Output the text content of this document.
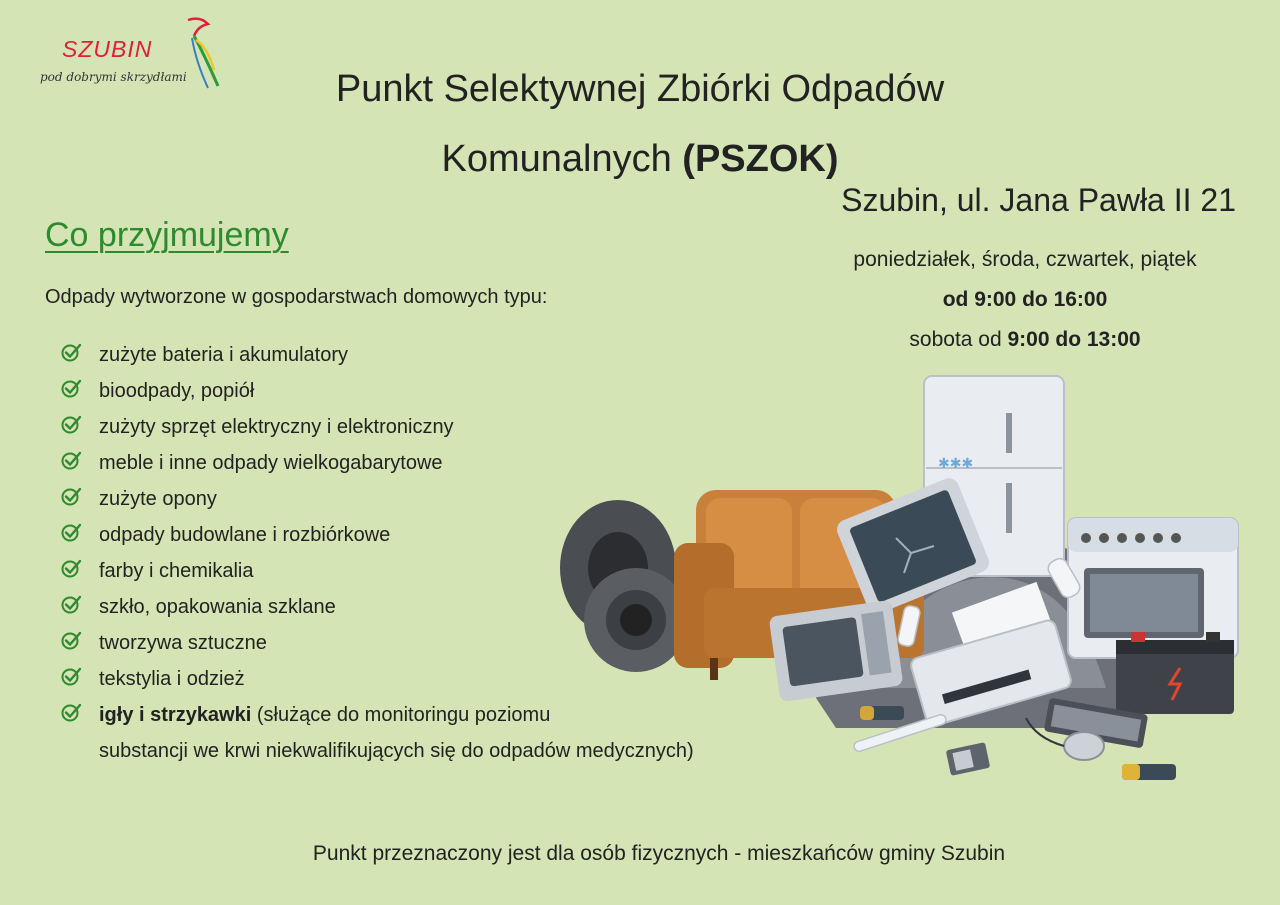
SZUBIN
pod dobrymi skrzydłami	Punkt Selektywnej Zbiórki Odpadów
Komunalnych (PSZOK)
Szubin, ul. Jana Pawła II 21
poniedziałek, środa, czwartek, piątek
od 9:00 do 16:00
sobota od 9:00 do 13:00
Co przyjmujemy
Odpady wytworzone w gospodarstwach domowych typu:
zużyte bateria i akumulatory
bioodpady, popiół
zużyty sprzęt elektryczny i elektroniczny
meble i inne odpady wielkogabarytowe
zużyte opony
odpady budowlane i rozbiórkowe
farby i chemikalia
szkło, opakowania szklane
tworzywa sztuczne
tekstylia i odzież
igły i strzykawki (służące do monitoringu poziomu
substancji we krwi niekwalifikujących się do odpadów medycznych)
✱✱✱
Punkt przeznaczony jest dla osób fizycznych - mieszkańców gminy Szubin
